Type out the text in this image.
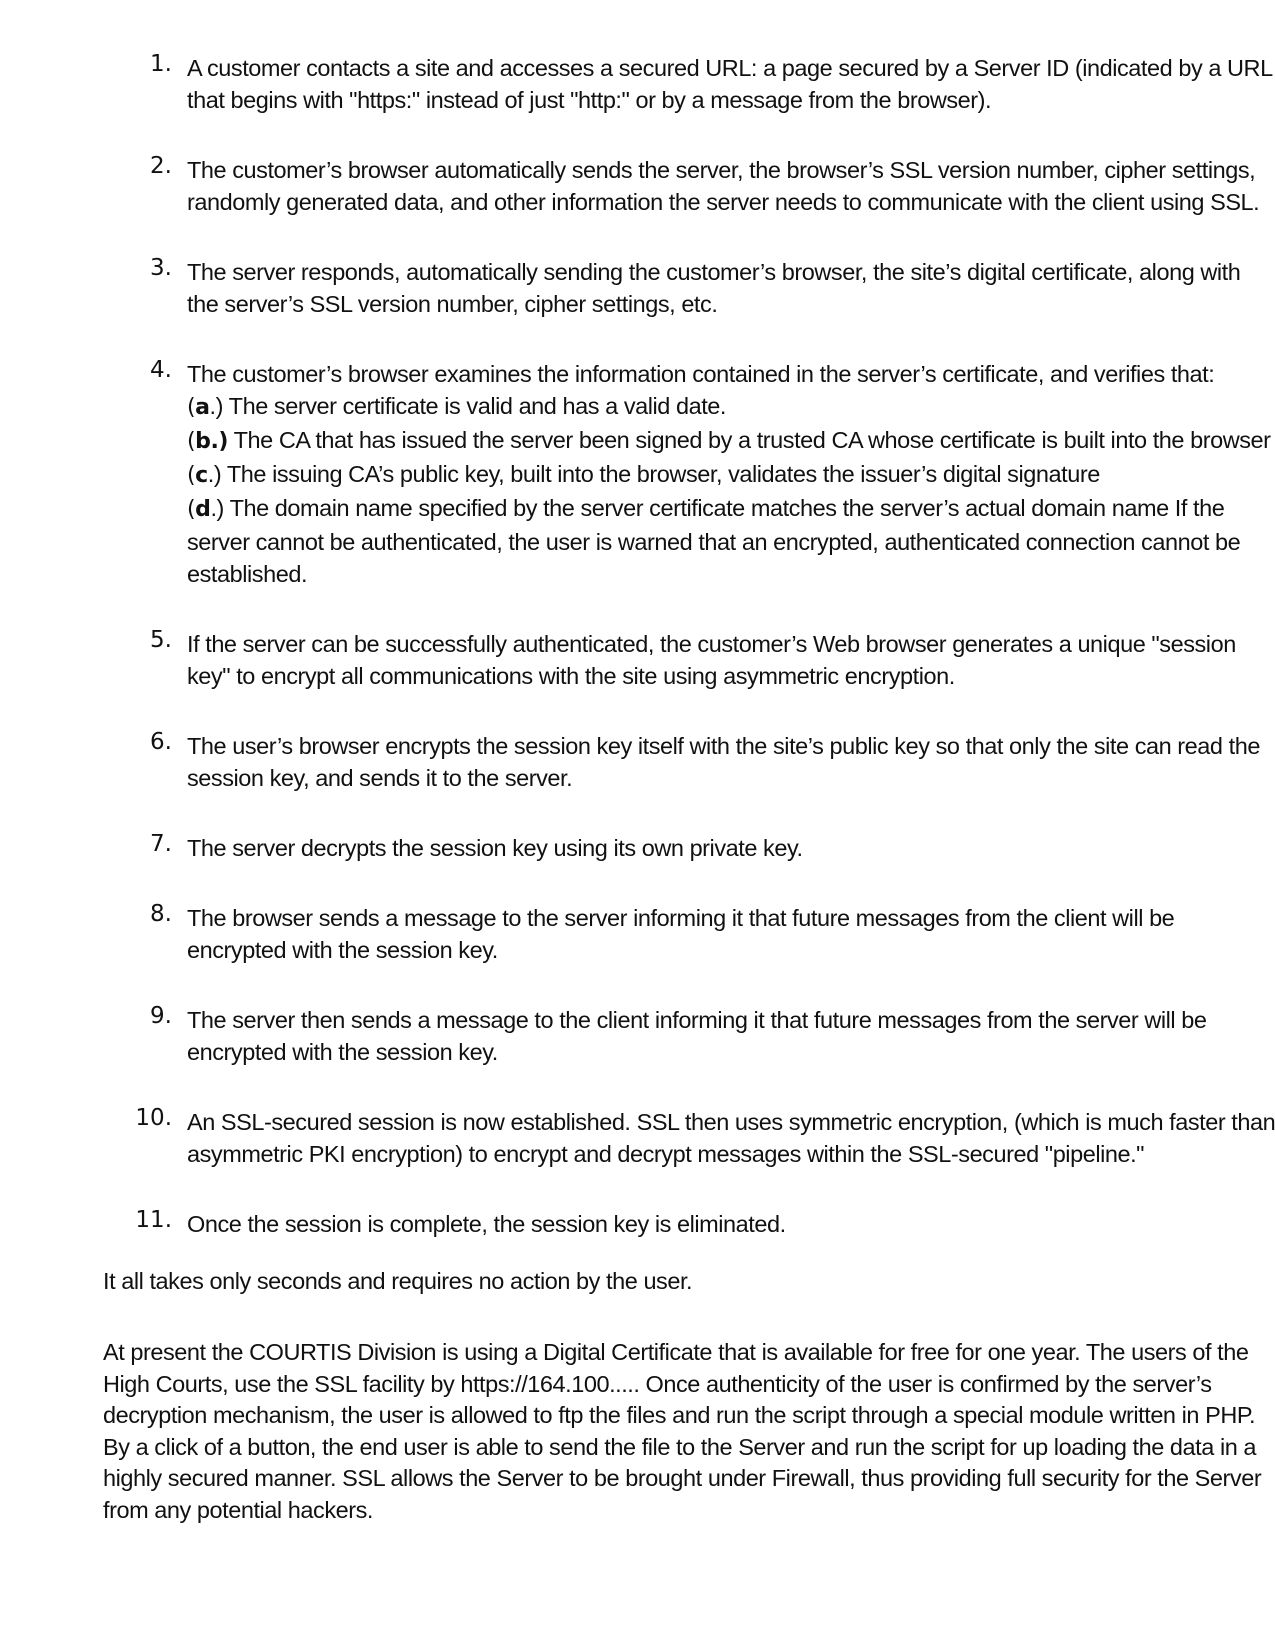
1. A customer contacts a site and accesses a secured URL: a page secured by a Server ID (indicated by a URL
that begins with "https:" instead of just "http:" or by a message from the browser).
2. The customer’s browser automatically sends the server, the browser’s SSL version number, cipher settings,
randomly generated data, and other information the server needs to communicate with the client using SSL.
3. The server responds, automatically sending the customer’s browser, the site’s digital certificate, along with
the server’s SSL version number, cipher settings, etc.
4. The customer’s browser examines the information contained in the server’s certificate, and verifies that:
(a.) The server certificate is valid and has a valid date.
(b.) The CA that has issued the server been signed by a trusted CA whose certificate is built into the browser
(c.) The issuing CA’s public key, built into the browser, validates the issuer’s digital signature
(d.) The domain name specified by the server certificate matches the server’s actual domain name If the
server cannot be authenticated, the user is warned that an encrypted, authenticated connection cannot be
established.
5. If the server can be successfully authenticated, the customer’s Web browser generates a unique "session
key" to encrypt all communications with the site using asymmetric encryption.
6. The user’s browser encrypts the session key itself with the site’s public key so that only the site can read the
session key, and sends it to the server.
7. The server decrypts the session key using its own private key.
8. The browser sends a message to the server informing it that future messages from the client will be
encrypted with the session key.
9. The server then sends a message to the client informing it that future messages from the server will be
encrypted with the session key.
10. An SSL-secured session is now established. SSL then uses symmetric encryption, (which is much faster than
asymmetric PKI encryption) to encrypt and decrypt messages within the SSL-secured "pipeline."
11. Once the session is complete, the session key is eliminated.
It all takes only seconds and requires no action by the user.
At present the COURTIS Division is using a Digital Certificate that is available for free for one year. The users of the
High Courts, use the SSL facility by https://164.100..... Once authenticity of the user is confirmed by the server’s
decryption mechanism, the user is allowed to ftp the files and run the script through a special module written in PHP.
By a click of a button, the end user is able to send the file to the Server and run the script for up loading the data in a
highly secured manner. SSL allows the Server to be brought under Firewall, thus providing full security for the Server
from any potential hackers.
